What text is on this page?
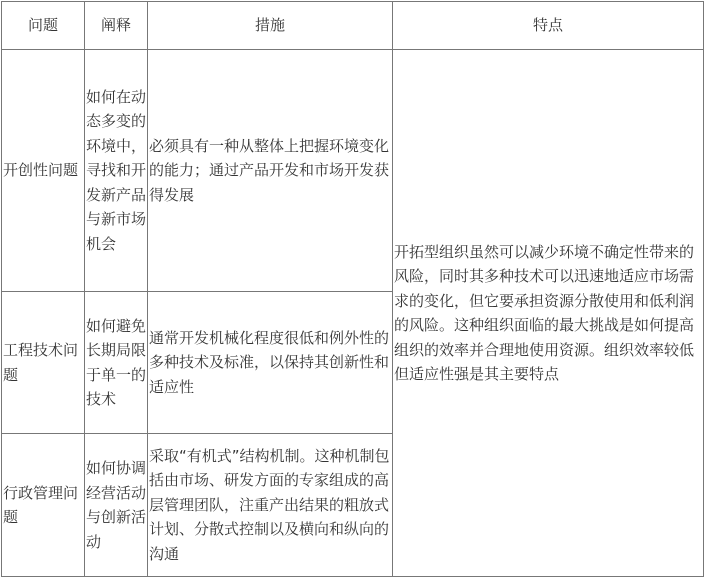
问题	阐释	措施	特点
开创性问题	如何在动态多变的环境中，寻找和开发新产品与新市场机会	必须具有一种从整体上把握环境变化的能力；通过产品开发和市场开发获得发展	开拓型组织虽然可以减少环境不确定性带来的风险，同时其多种技术可以迅速地适应市场需求的变化，但它要承担资源分散使用和低利润的风险。这种组织面临的最大挑战是如何提高组织的效率并合理地使用资源。组织效率较低但适应性强是其主要特点
工程技术问题	如何避免长期局限于单一的技术	通常开发机械化程度很低和例外性的多种技术及标准，以保持其创新性和适应性	
行政管理问题	如何协调经营活动与创新活动	采取“有机式”结构机制。这种机制包括由市场、研发方面的专家组成的高层管理团队，注重产出结果的粗放式计划、分散式控制以及横向和纵向的沟通	
